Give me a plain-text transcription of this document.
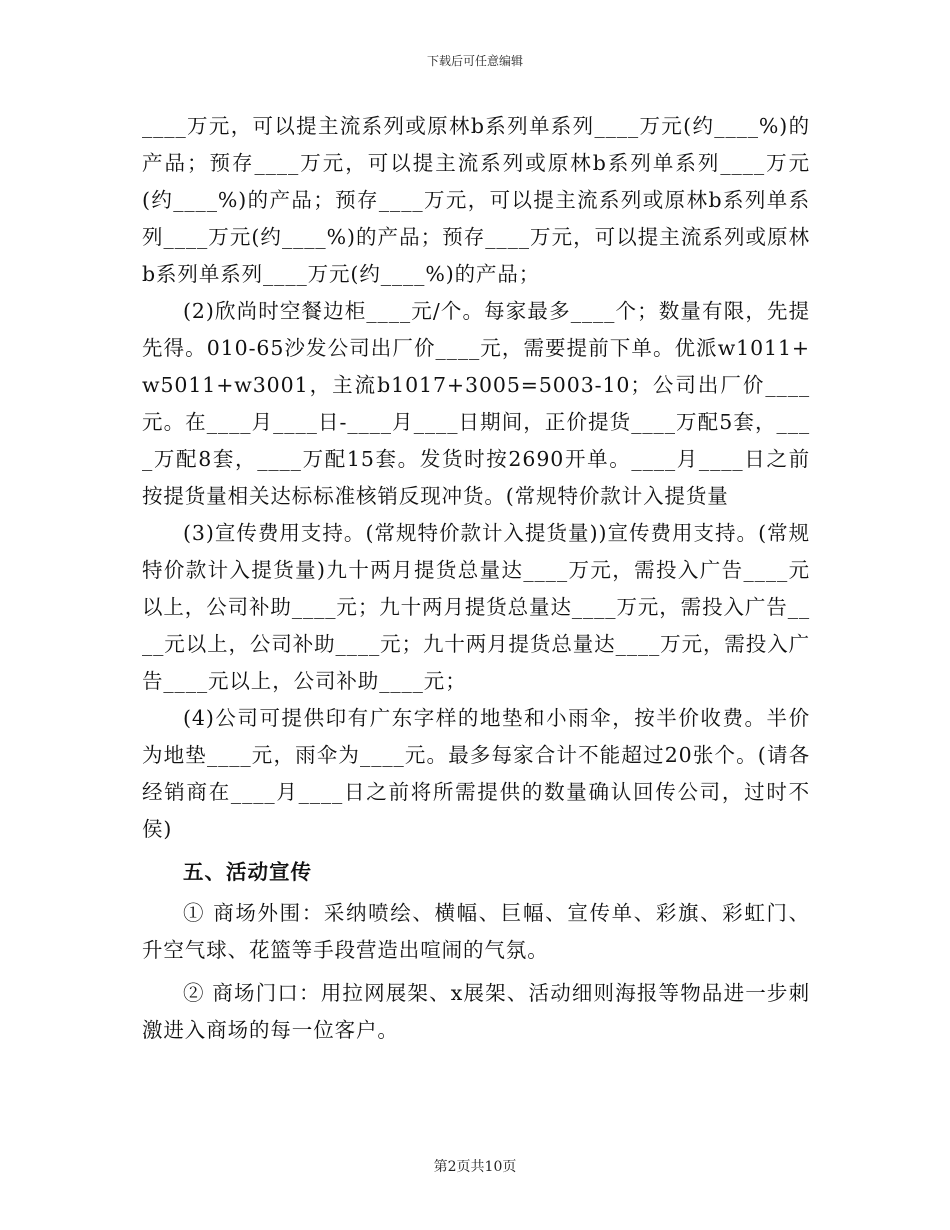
下载后可任意编辑

____万元，可以提主流系列或原林b系列单系列____万元(约____%)的产品；预存____万元，可以提主流系列或原林b系列单系列____万元(约____%)的产品；预存____万元，可以提主流系列或原林b系列单系列____万元(约____%)的产品；预存____万元，可以提主流系列或原林b系列单系列____万元(约____%)的产品；

(2)欣尚时空餐边柜____元/个。每家最多____个；数量有限，先提先得。010-65沙发公司出厂价____元，需要提前下单。优派w1011+w5011+w3001，主流b1017+3005=5003-10；公司出厂价____元。在____月____日-____月____日期间，正价提货____万配5套，____万配8套，____万配15套。发货时按2690开单。____月____日之前按提货量相关达标标准核销反现冲货。(常规特价款计入提货量

(3)宣传费用支持。(常规特价款计入提货量))宣传费用支持。(常规特价款计入提货量)九十两月提货总量达____万元，需投入广告____元以上，公司补助____元；九十两月提货总量达____万元，需投入广告____元以上，公司补助____元；九十两月提货总量达____万元，需投入广告____元以上，公司补助____元；

(4)公司可提供印有广东字样的地垫和小雨伞，按半价收费。半价为地垫____元，雨伞为____元。最多每家合计不能超过20张个。(请各经销商在____月____日之前将所需提供的数量确认回传公司，过时不侯)

五、活动宣传

① 商场外围：采纳喷绘、横幅、巨幅、宣传单、彩旗、彩虹门、升空气球、花篮等手段营造出喧闹的气氛。

② 商场门口：用拉网展架、x展架、活动细则海报等物品进一步刺激进入商场的每一位客户。

第2页共10页
